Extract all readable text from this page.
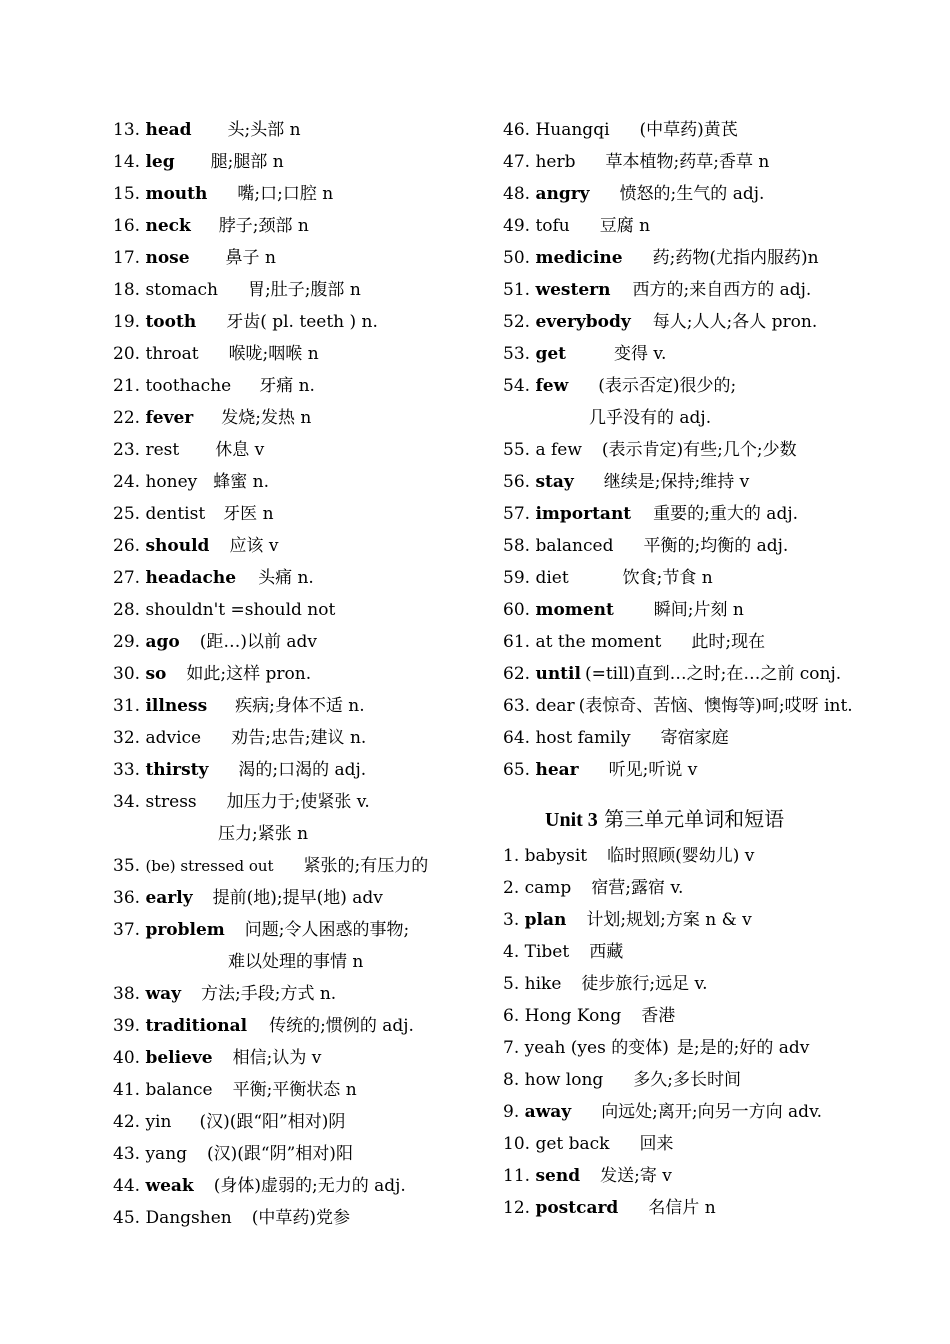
13. head 头;头部 n
14. leg 腿;腿部 n
15. mouth 嘴;口;口腔 n
16. neck 脖子;颈部 n
17. nose 鼻子 n
18. stomach 胃;肚子;腹部 n
19. tooth 牙齿( pl. teeth ) n.
20. throat 喉咙;咽喉 n
21. toothache 牙痛 n.
22. fever 发烧;发热 n
23. rest 休息 v
24. honey 蜂蜜 n.
25. dentist 牙医 n
26. should 应该 v
27. headache 头痛 n.
28. shouldn't =should not
29. ago (距…)以前 adv
30. so 如此;这样 pron.
31. illness 疾病;身体不适 n.
32. advice 劝告;忠告;建议 n.
33. thirsty 渴的;口渴的 adj.
34. stress 加压力于;使紧张 v.
压力;紧张 n
35. (be) stressed out 紧张的;有压力的
36. early 提前(地);提早(地) adv
37. problem 问题;令人困惑的事物;
难以处理的事情 n
38. way 方法;手段;方式 n.
39. traditional 传统的;惯例的 adj.
40. believe 相信;认为 v
41. balance 平衡;平衡状态 n
42. yin (汉)(跟“阳”相对)阴
43. yang (汉)(跟“阴”相对)阳
44. weak (身体)虚弱的;无力的 adj.
45. Dangshen (中草药)党参
46. Huangqi (中草药)黄芪
47. herb 草本植物;药草;香草 n
48. angry 愤怒的;生气的 adj.
49. tofu 豆腐 n
50. medicine 药;药物(尤指内服药)n
51. western 西方的;来自西方的 adj.
52. everybody 每人;人人;各人 pron.
53. get	变得 v.
54. few (表示否定)很少的;
几乎没有的 adj.
55. a few (表示肯定)有些;几个;少数
56. stay 继续是;保持;维持 v
57. important 重要的;重大的 adj.
58. balanced 平衡的;均衡的 adj.
59. diet	饮食;节食 n
60. moment 瞬间;片刻 n
61. at the moment 此时;现在
62. until (=till)直到…之时;在…之前 conj.
63. dear (表惊奇、苦恼、懊悔等)呵;哎呀 int.
64. host family 寄宿家庭
65. hear 听见;听说 v
Unit 3 第三单元单词和短语
1. babysit 临时照顾(婴幼儿) v
2. camp 宿营;露宿 v.
3. plan 计划;规划;方案 n & v
4. Tibet 西藏
5. hike 徒步旅行;远足 v.
6. Hong Kong 香港
7. yeah (yes 的变体) 是;是的;好的 adv
8. how long 多久;多长时间
9. away 向远处;离开;向另一方向 adv.
10. get back 回来
11. send 发送;寄 v
12. postcard 名信片 n
